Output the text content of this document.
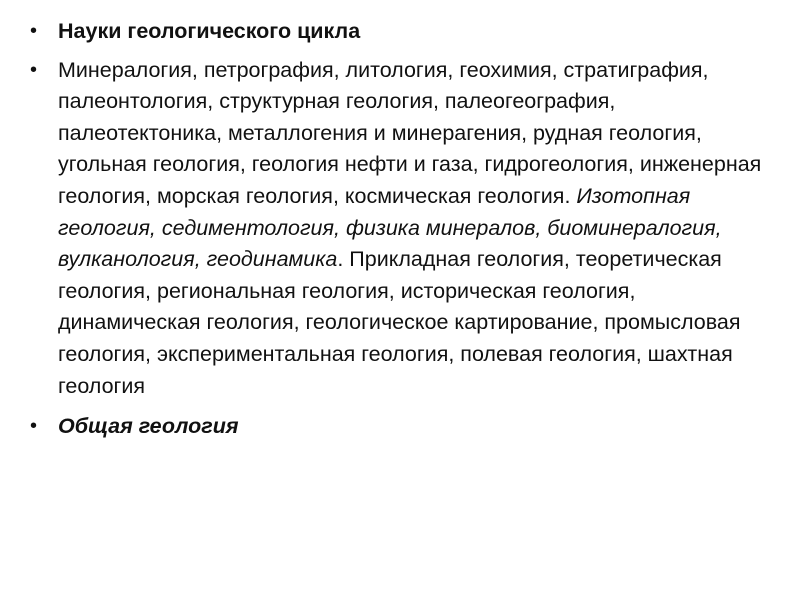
• Науки геологического цикла
• Минералогия, петрография, литология, геохимия, стратиграфия, палеонтология, структурная геология, палеогеография, палеотектоника, металлогения и минерагения, рудная геология, угольная геология, геология нефти и газа, гидрогеология, инженерная геология, морская геология, космическая геология. Изотопная геология, седиментология, физика минералов, биоминералогия, вулканология, геодинамика. Прикладная геология, теоретическая геология, региональная геология, историческая геология, динамическая геология, геологическое картирование, промысловая геология, экспериментальная геология, полевая геология, шахтная геология
• Общая геология
